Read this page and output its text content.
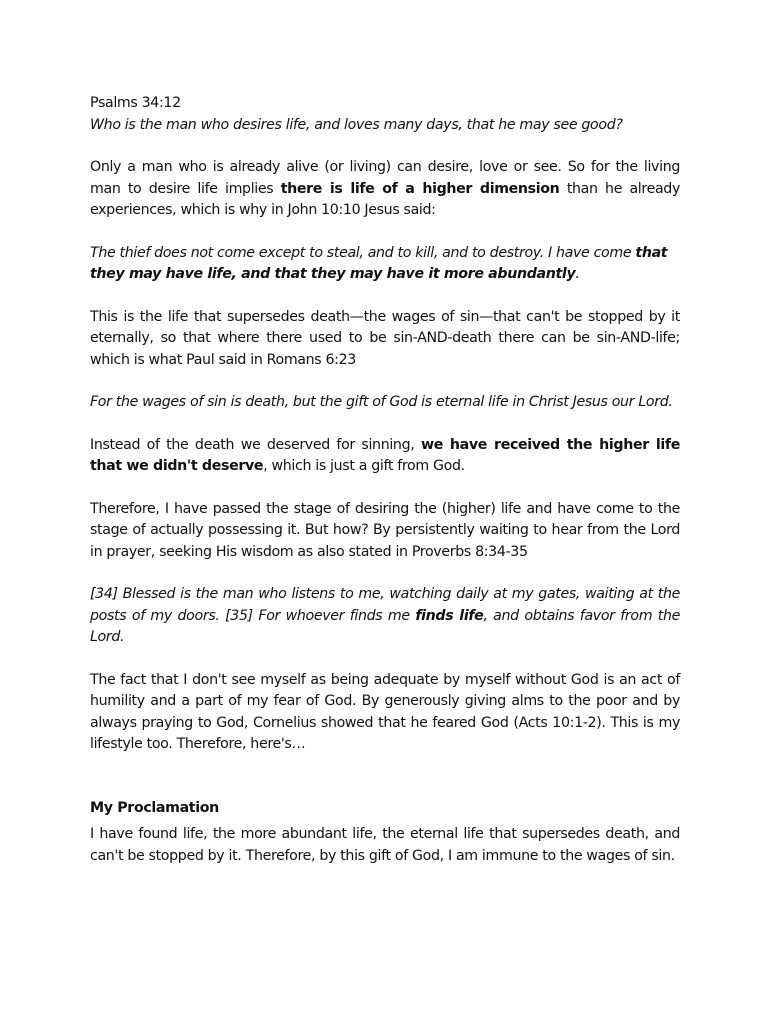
Psalms 34:12

Who is the man who desires life, and loves many days, that he may see good?

Only a man who is already alive (or living) can desire, love or see. So for the living man to desire life implies there is life of a higher dimension than he already experiences, which is why in John 10:10 Jesus said:

The thief does not come except to steal, and to kill, and to destroy. I have come that they may have life, and that they may have it more abundantly.

This is the life that supersedes death—the wages of sin—that can't be stopped by it eternally, so that where there used to be sin-AND-death there can be sin-AND-life; which is what Paul said in Romans 6:23

For the wages of sin is death, but the gift of God is eternal life in Christ Jesus our Lord.

Instead of the death we deserved for sinning, we have received the higher life that we didn't deserve, which is just a gift from God.

Therefore, I have passed the stage of desiring the (higher) life and have come to the stage of actually possessing it. But how? By persistently waiting to hear from the Lord in prayer, seeking His wisdom as also stated in Proverbs 8:34-35

[34] Blessed is the man who listens to me, watching daily at my gates, waiting at the posts of my doors. [35] For whoever finds me finds life, and obtains favor from the Lord.

The fact that I don't see myself as being adequate by myself without God is an act of humility and a part of my fear of God. By generously giving alms to the poor and by always praying to God, Cornelius showed that he feared God (Acts 10:1-2). This is my lifestyle too. Therefore, here's…

My Proclamation

I have found life, the more abundant life, the eternal life that supersedes death, and can't be stopped by it. Therefore, by this gift of God, I am immune to the wages of sin.
